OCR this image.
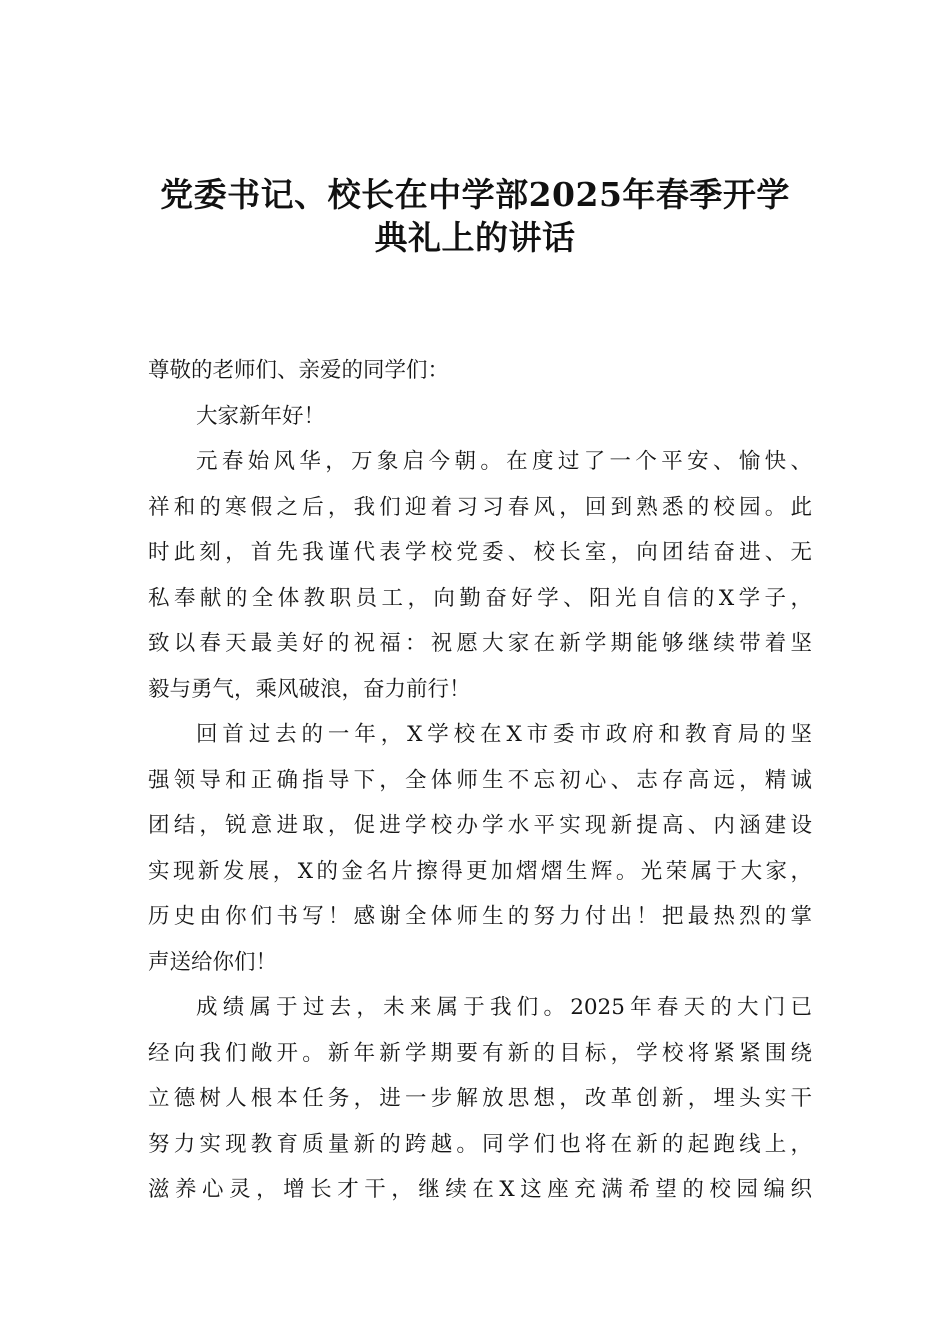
党委书记、校长在中学部2025年春季开学
典礼上的讲话
尊敬的老师们、亲爱的同学们：
大家新年好！
元春始风华，万象启今朝。在度过了一个平安、愉快、
祥和的寒假之后，我们迎着习习春风，回到熟悉的校园。此
时此刻，首先我谨代表学校党委、校长室，向团结奋进、无
私奉献的全体教职员工，向勤奋好学、阳光自信的X学子，
致以春天最美好的祝福：祝愿大家在新学期能够继续带着坚
毅与勇气，乘风破浪，奋力前行！
回首过去的一年，X学校在X市委市政府和教育局的坚
强领导和正确指导下，全体师生不忘初心、志存高远，精诚
团结，锐意进取，促进学校办学水平实现新提高、内涵建设
实现新发展，X的金名片擦得更加熠熠生辉。光荣属于大家，
历史由你们书写！感谢全体师生的努力付出！把最热烈的掌
声送给你们！
成绩属于过去，未来属于我们。2025年春天的大门已
经向我们敞开。新年新学期要有新的目标，学校将紧紧围绕
立德树人根本任务，进一步解放思想，改革创新，埋头实干
努力实现教育质量新的跨越。同学们也将在新的起跑线上，
滋养心灵，增长才干，继续在X这座充满希望的校园编织
